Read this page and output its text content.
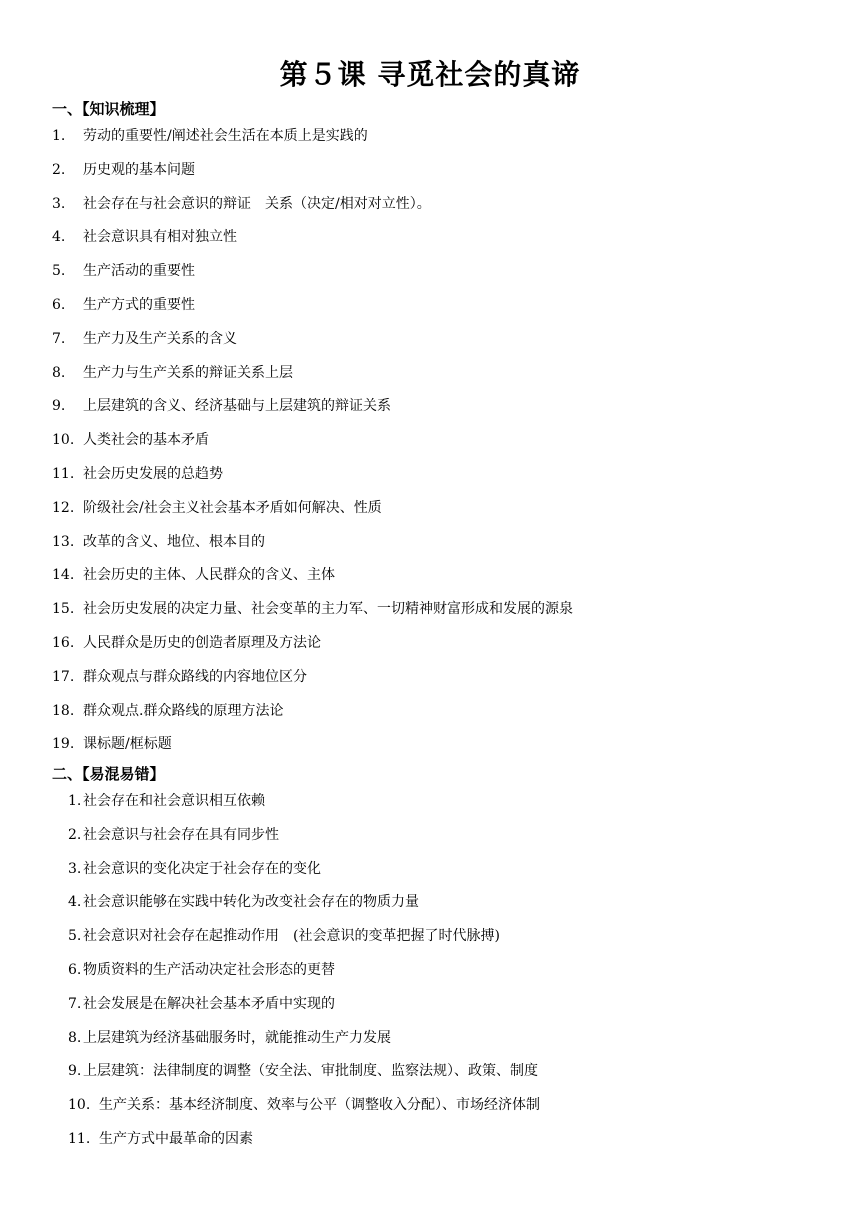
第５课 寻觅社会的真谛
一、【知识梳理】
1.	劳动的重要性/阐述社会生活在本质上是实践的
2.	历史观的基本问题
3.	社会存在与社会意识的辩证　关系（决定/相对对立性）。
4.	社会意识具有相对独立性
5.	生产活动的重要性
6.	生产方式的重要性
7.	生产力及生产关系的含义
8.	生产力与生产关系的辩证关系上层
9.	上层建筑的含义、经济基础与上层建筑的辩证关系
10. 人类社会的基本矛盾
11. 社会历史发展的总趋势
12. 阶级社会/社会主义社会基本矛盾如何解决、性质
13. 改革的含义、地位、根本目的
14. 社会历史的主体、人民群众的含义、主体
15. 社会历史发展的决定力量、社会变革的主力军、一切精神财富形成和发展的源泉
16. 人民群众是历史的创造者原理及方法论
17. 群众观点与群众路线的内容地位区分
18. 群众观点.群众路线的原理方法论
19. 课标题/框标题
二、【易混易错】
1. 社会存在和社会意识相互依赖
2. 社会意识与社会存在具有同步性
3. 社会意识的变化决定于社会存在的变化
4. 社会意识能够在实践中转化为改变社会存在的物质力量
5. 社会意识对社会存在起推动作用　(社会意识的变革把握了时代脉搏)
6. 物质资料的生产活动决定社会形态的更替
7. 社会发展是在解决社会基本矛盾中实现的
8. 上层建筑为经济基础服务时，就能推动生产力发展
9. 上层建筑：法律制度的调整（安全法、审批制度、监察法规）、政策、制度
10. 生产关系：基本经济制度、效率与公平（调整收入分配）、市场经济体制
11. 生产方式中最革命的因素
